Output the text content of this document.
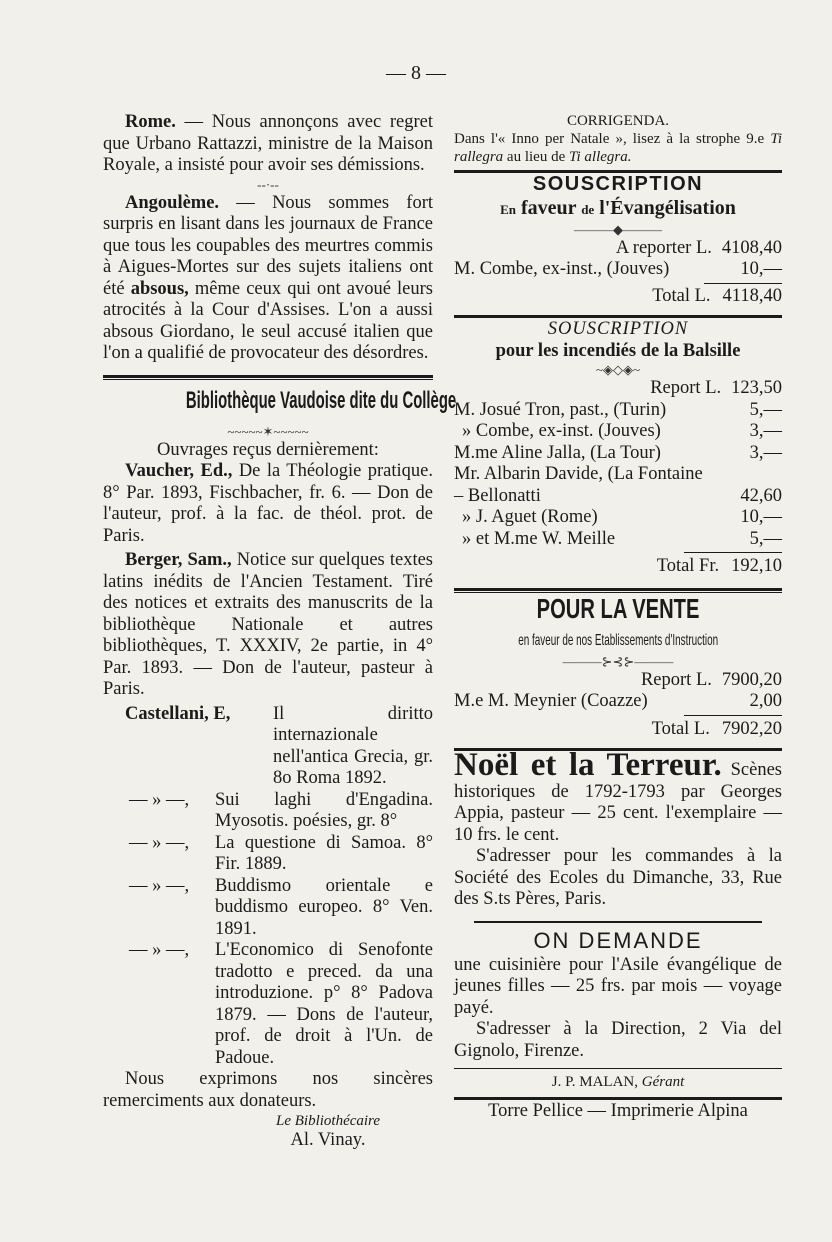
— 8 —

Rome. — Nous annonçons avec regret que Urbano Rattazzi, ministre de la Maison Royale, a insisté pour avoir ses démissions.

--·--

Angoulème. — Nous sommes fort surpris en lisant dans les journaux de France que tous les coupables des meurtres commis à Aigues-Mortes sur des sujets italiens ont été absous, même ceux qui ont avoué leurs atrocités à la Cour d'Assises. L'on a aussi absous Giordano, le seul accusé italien que l'on a qualifié de provocateur des désordres.

Bibliothèque Vaudoise dite du Collège
~~~~~✶~~~~~

Ouvrages reçus dernièrement:

Vaucher, Ed., De la Théologie pratique. 8° Par. 1893, Fischbacher, fr. 6. — Don de l'auteur, prof. à la fac. de théol. prot. de Paris.

Berger, Sam., Notice sur quelques textes latins inédits de l'Ancien Testament. Tiré des notices et extraits des manuscrits de la bibliothèque Nationale et autres bibliothèques, T. XXXIV, 2e partie, in 4° Par. 1893. — Don de l'auteur, pasteur à Paris.

Castellani, E,	Il diritto internazionale nell'antica Grecia, gr. 8o Roma 1892.
— » —,	Sui laghi d'Engadina. Myosotis. poésies, gr. 8°
— » —,	La questione di Samoa. 8° Fir. 1889.
— » —,	Buddismo orientale e buddismo europeo. 8° Ven. 1891.
— » —,	L'Economico di Senofonte tradotto e preced. da una introduzione. p° 8° Padova 1879. — Dons de l'auteur, prof. de droit à l'Un. de Padoue.

Nous exprimons nos sincères remerciments aux donateurs.

Le Bibliothécaire

Al. Vinay.

CORRIGENDA.

Dans l'« Inno per Natale », lisez à la strophe 9.e Ti rallegra au lieu de Ti allegra.

SOUSCRIPTION

En faveur de l'Évangélisation

———◆———
A reporter L. 4108,40
M. Combe, ex-inst., (Jouves)	10,—
Total L. 4118,40

SOUSCRIPTION

pour les incendiés de la Balsille

~◈◇◈~
Report L. 123,50
M. Josué Tron, past., (Turin)	5,—
» Combe, ex-inst. (Jouves)	3,—
M.me Aline Jalla, (La Tour)	3,—
Mr. Albarin Davide, (La Fontaine – Bellonatti	42,60
» J. Aguet (Rome)	10,—
» et M.me W. Meille	5,—
Total Fr. 192,10
POUR LA VENTE
en faveur de nos Etablissements d'Instruction
———⊱⊰⊱———
Report L. 7900,20
M.e M. Meynier (Coazze)	2,00
Total L. 7902,20

Noël et la Terreur. Scènes historiques de 1792-1793 par Georges Appia, pasteur — 25 cent. l'exemplaire — 10 frs. le cent.

S'adresser pour les commandes à la Société des Ecoles du Dimanche, 33, Rue des S.ts Pères, Paris.

ON DEMANDE

une cuisinière pour l'Asile évangélique de jeunes filles — 25 frs. par mois — voyage payé.

S'adresser à la Direction, 2 Via del Gignolo, Firenze.

J. P. MALAN, Gérant

Torre Pellice — Imprimerie Alpina
